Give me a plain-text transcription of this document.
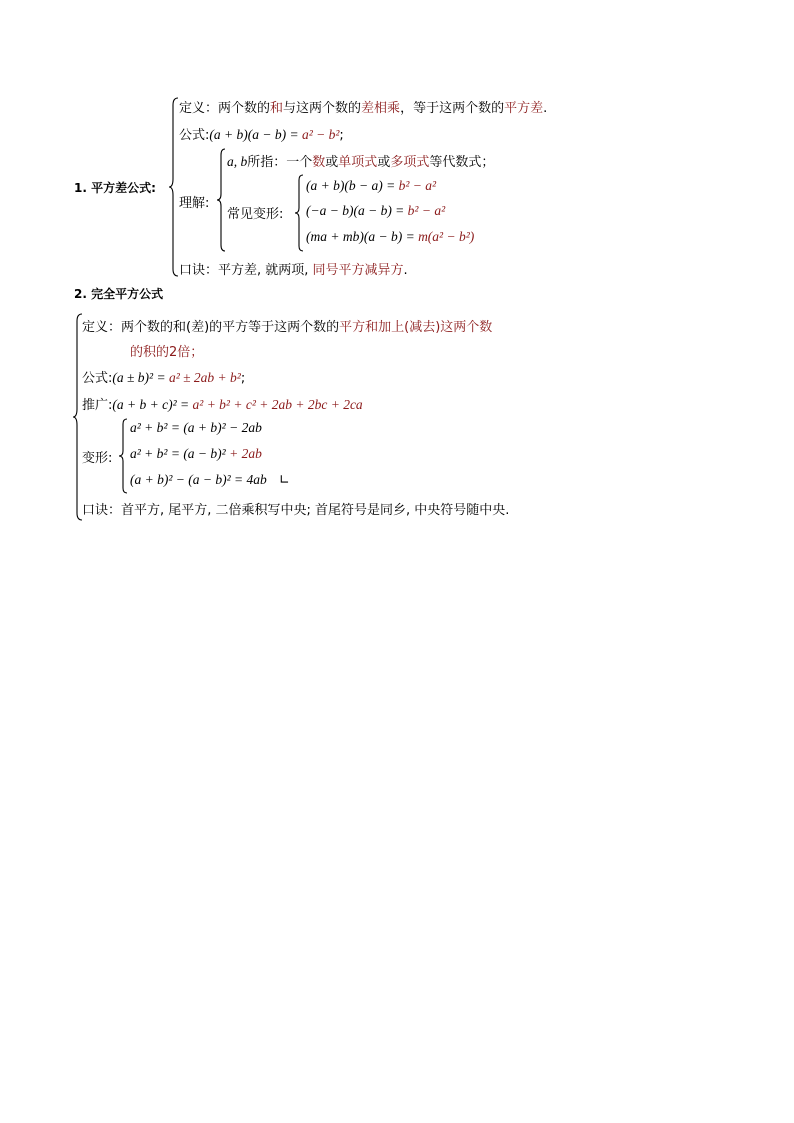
1. 平方差公式:
定义：两个数的和与这两个数的差相乘，等于这两个数的平方差.
公式:(a + b)(a − b) = a² − b²;
理解:
a, b所指：一个数或单项式或多项式等代数式；
常见变形:
(a + b)(b − a) = b² − a²
(−a − b)(a − b) = b² − a²
(ma + mb)(a − b) = m(a² − b²)
口诀：平方差, 就两项, 同号平方减异方.
2. 完全平方公式
定义：两个数的和(差)的平方等于这两个数的平方和加上(减去)这两个数
的积的2倍；
公式:(a ± b)² = a² ± 2ab + b²;
推广:(a + b + c)² = a² + b² + c² + 2ab + 2bc + 2ca
变形:
a² + b² = (a + b)² − 2ab
a² + b² = (a − b)² + 2ab
(a + b)² − (a − b)² = 4ab ∟
口诀：首平方, 尾平方, 二倍乘积写中央; 首尾符号是同乡, 中央符号随中央.
